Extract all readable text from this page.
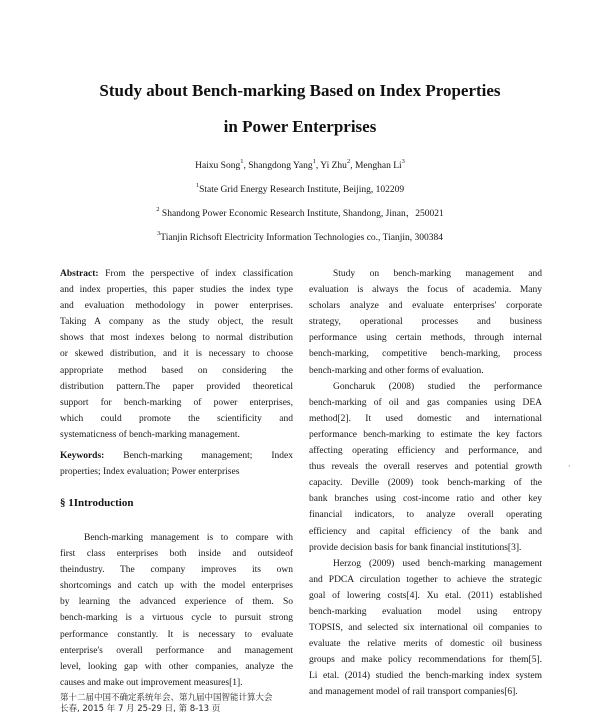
Study about Bench-marking Based on Index Properties
in Power Enterprises
Haixu Song$^1$, Shangdong Yang$^1$, Yi Zhu$^2$, Menghan Li$^3$
$^1$State Grid Energy Research Institute, Beijing, 102209
$^2$ Shandong Power Economic Research Institute, Shandong, Jinan，250021
$^3$Tianjin Richsoft Electricity Information Technologies co., Tianjin, 300384
Abstract: From the perspective of index classification
and index properties, this paper studies the index type
and evaluation methodology in power enterprises.
Taking A company as the study object, the result
shows that most indexes belong to normal distribution
or skewed distribution, and it is necessary to choose
appropriate method based on considering the
distribution pattern.The paper provided theoretical
support for bench-marking of power enterprises,
which could promote the scientificity and
systematicness of bench-marking management.
Keywords: Bench-marking management; Index
properties; Index evaluation; Power enterprises
§ 1Introduction
Bench-marking management is to compare with
first class enterprises both inside and outsideof
theindustry. The company improves its own
shortcomings and catch up with the model enterprises
by learning the advanced experience of them. So
bench-marking is a virtuous cycle to pursuit strong
performance constantly. It is necessary to evaluate
enterprise's overall performance and management
level, looking gap with other companies, analyze the
causes and make out improvement measures[1].
Study on bench-marking management and
evaluation is always the focus of academia. Many
scholars analyze and evaluate enterprises' corporate
strategy, operational processes and business
performance using certain methods, through internal
bench-marking, competitive bench-marking, process
bench-marking and other forms of evaluation.
Goncharuk (2008) studied the performance
bench-marking of oil and gas companies using DEA
method[2]. It used domestic and international
performance bench-marking to estimate the key factors
affecting operating efficiency and performance, and
thus reveals the overall reserves and potential growth
capacity. Deville (2009) took bench-marking of the
bank branches using cost-income ratio and other key
financial indicators, to analyze overall operating
efficiency and capital efficiency of the bank and
provide decision basis for bank financial institutions[3].
Herzog (2009) used bench-marking management
and PDCA circulation together to achieve the strategic
goal of lowering costs[4]. Xu etal. (2011) established
bench-marking evaluation model using entropy
TOPSIS, and selected six international oil companies to
evaluate the relative merits of domestic oil business
groups and make policy recommendations for them[5].
Li etal. (2014) studied the bench-marking index system
and management model of rail transport companies[6].
第十二届中国不确定系统年会、第九届中国智能计算大会
长春, 2015 年 7 月 25-29 日, 第 8-13 页
·
